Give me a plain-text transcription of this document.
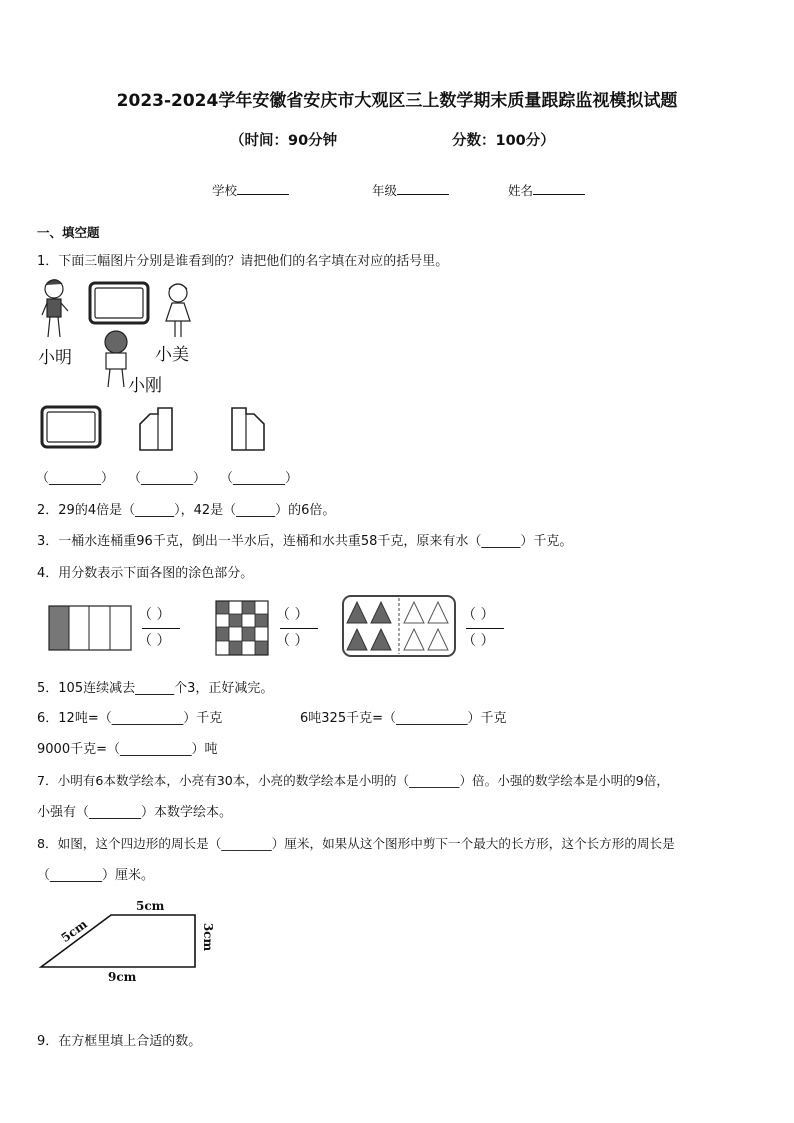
2023-2024学年安徽省安庆市大观区三上数学期末质量跟踪监视模拟试题
（时间：90分钟	分数：100分）
学校	年级	姓名
一、填空题
1．下面三幅图片分别是谁看到的？请把他们的名字填在对应的括号里。
小明	小美
小刚
（________） （________） （________）
2．29的4倍是（______），42是（______）的6倍。
3．一桶水连桶重96千克，倒出一半水后，连桶和水共重58千克，原来有水（______）千克。
4．用分数表示下面各图的涂色部分。
（ ）
（ ）
（ ）
（ ）
（ ）
（ ）
5．105连续减去______个3，正好减完。
6．12吨=（___________）千克	6吨325千克=（___________）千克
9000千克=（___________）吨
7．小明有6本数学绘本，小亮有30本，小亮的数学绘本是小明的（________）倍。小强的数学绘本是小明的9倍，
小强有（________）本数学绘本。
8．如图，这个四边形的周长是（________）厘米，如果从这个图形中剪下一个最大的长方形，这个长方形的周长是
（________）厘米。
5cm
5cm	3cm
9cm
9．在方框里填上合适的数。
